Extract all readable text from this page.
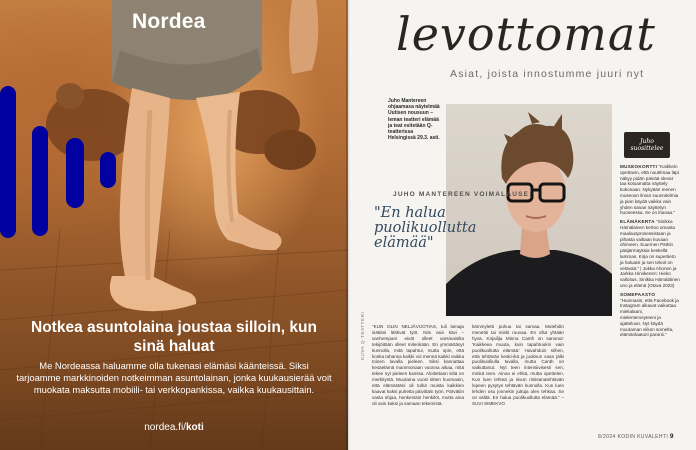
Nordea
Notkea asuntolaina joustaa silloin, kun sinä haluat
Me Nordeassa haluamme olla tukenasi elämäsi käänteissä. Siksi tarjoamme markkinoiden notkeimman asuntolainan, jonka kuukausierää voit muokata maksutta mobiili- tai verkkopankissa, vaikka kuukausittain.
nordea.fi/koti
levottomat
Asiat, joista innostumme juuri nyt
Juho Mantereen ohjaamasa näytelmää Uutisen nousuun – leman teatteri elämää ja teat esitetään Q-teatterissa Helsingissä 29.3. asti.
JUHO MANTEREEN VOIMALAUSE:
"En halua puolikuollutta elämää"
Juho suosittelee

MUSEOKORTTI "Kaikkein opettavin, että nuuttimaa läpi näkyy pidän päivää olevat taa kotoamatta näyttely kokonaan. Nykyään menen museoon ilman suunnitelmia ja pian käydä vaikka vain yhden sanan näyttelyn huoneessa. Se on ihanaa."

ELÄMÄKERTA "Sinikka Hämäläinen kertoo omasta maalausprosessistaan ja pihasta vailtaan kuvaan ohimeen. Suurmen Pärkin pääjärmäyksia keskellä lammas. Kirja on supertieto ja haluaisi ja sen tekoit on vetävää." | Jukka Ahonen ja Jarkka Hirvikenen: Hieko valloitus. Sinikka Hämäläinen uno ja elämä (Otava 2023)

SOMEPAASTO "Huomasin, että Facebook ja Instagram alkavat vaikuttaa mielialaani, mielenterveyteeni ja ajatteluun. Nyt käydä muutaman viikon somelta, elämänlaatuni paranii."

KUVA Q-TEATTERI "KUN OLIN NELJÄVUOTIAS, tuli lamaja isätiäni lähtivät työt. Niin vain kävi – vanhempani eivät olleet varsinaisilta tekijöitään olleet mitenkään. En ymmärtänyt kunnolla, mitä tapahtui, mutta opin, että koska tahansa kaikki voi mennä kaikki vaikka toinen lavalla pieleen. Siksi kannattaa kesäelämä mammonaan vuonna aikaa, mitä tekee nyt pieleen kanssa. Aloitettaan siitä on merkitystä. Muutama vuosi sitten huomasin, että elämästäni oli tullut muista kaikkien kaavat kaksi puhetta päivittäin työn. Pärvätiin vasta ohjaa, henkeinäin henkilöt, mutta aina oli vain kaksi ja samaan tekemistä.

kämmyletti puhuu tai samaa. Mutehdin menetiti tai mielit ruuvaa. En ollut yhtään hyvä. Kirjailija Minna Canth on sanonut: 'Kaikkeea muuta, kuin tapahtuukin vain puolikuollutta elämää.' Havahduin siihen, että tehtävän keski-ikä ja juoksun vaan jälki puolikuolliulla tavalla, mutta Canth on vaikuttanut. Nyt teen intensiivisesti sen, minkä teen. Ainoa ei ehkä, mutta opettelen. Kun luen lehteä ja sivun ristisanatehtävän lopeen pysytyn tehtävän kunnolla. Kun luen lehden osu jonnekin juttuja olen tehkaa. Se on välitä. En halua puolikuollutta elämää." – SUVI SIMEKVO

8/2024 KODIN KUVALEHTI 9
